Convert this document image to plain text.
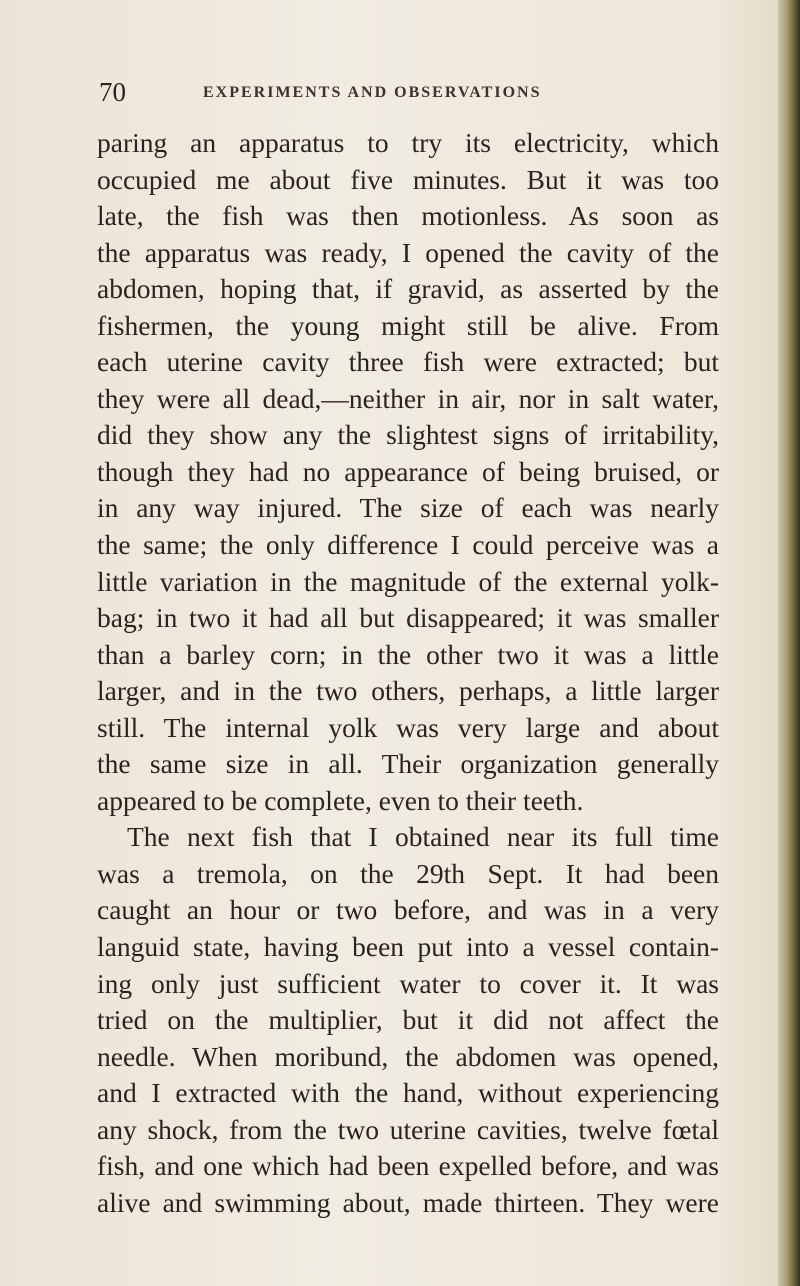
70	EXPERIMENTS AND OBSERVATIONS
paring an apparatus to try its electricity, which
occupied me about five minutes. But it was too
late, the fish was then motionless. As soon as
the apparatus was ready, I opened the cavity of the
abdomen, hoping that, if gravid, as asserted by the
fishermen, the young might still be alive. From
each uterine cavity three fish were extracted; but
they were all dead,—neither in air, nor in salt water,
did they show any the slightest signs of irritability,
though they had no appearance of being bruised, or
in any way injured. The size of each was nearly
the same; the only difference I could perceive was a
little variation in the magnitude of the external yolk-
bag; in two it had all but disappeared; it was smaller
than a barley corn; in the other two it was a little
larger, and in the two others, perhaps, a little larger
still. The internal yolk was very large and about
the same size in all. Their organization generally
appeared to be complete, even to their teeth.
The next fish that I obtained near its full time
was a tremola, on the 29th Sept. It had been
caught an hour or two before, and was in a very
languid state, having been put into a vessel contain-
ing only just sufficient water to cover it. It was
tried on the multiplier, but it did not affect the
needle. When moribund, the abdomen was opened,
and I extracted with the hand, without experiencing
any shock, from the two uterine cavities, twelve fœtal
fish, and one which had been expelled before, and was
alive and swimming about, made thirteen. They were
